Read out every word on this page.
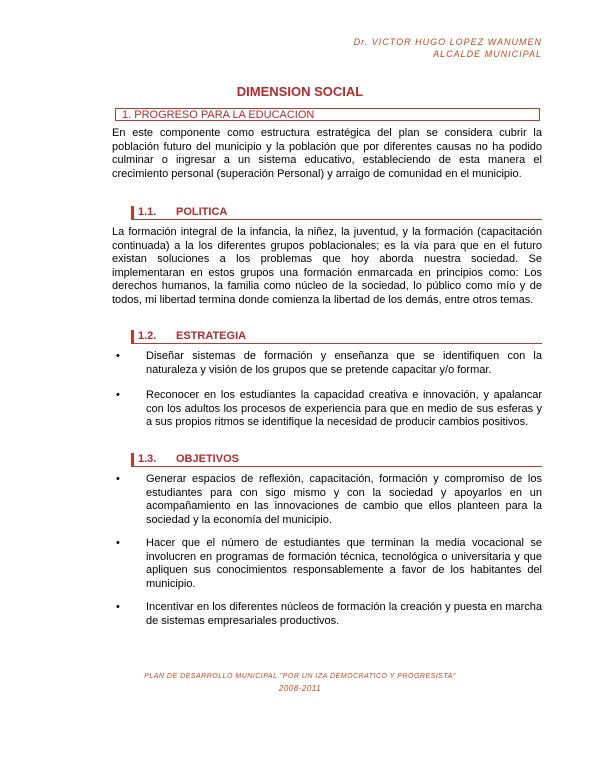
Dr. VICTOR HUGO LOPEZ WANUMEN
ALCALDE MUNICIPAL
DIMENSION SOCIAL
1. PROGRESO PARA LA EDUCACION
En este componente como estructura estratégica del plan se considera cubrir la población futuro del municipio y la población que por diferentes causas no ha podido culminar o ingresar a un sistema educativo, estableciendo de esta manera el crecimiento personal (superación Personal) y arraigo de comunidad en el municipio.
1.1. POLITICA
La formación integral de la infancia, la niñez, la juventud, y la formación (capacitación continuada) a la los diferentes grupos poblacionales; es la vía para que en el futuro existan soluciones a los problemas que hoy aborda nuestra sociedad. Se implementaran en estos grupos una formación enmarcada en principios como: Los derechos humanos, la familia como núcleo de la sociedad, lo público como mío y de todos, mi libertad termina donde comienza la libertad de los demás, entre otros temas.
1.2. ESTRATEGIA
• Diseñar sistemas de formación y enseñanza que se identifiquen con la naturaleza y visión de los grupos que se pretende capacitar y/o formar.
• Reconocer en los estudiantes la capacidad creativa e innovación, y apalancar con los adultos los procesos de experiencia para que en medio de sus esferas y a sus propios ritmos se identifique la necesidad de producir cambios positivos.
1.3. OBJETIVOS
• Generar espacios de reflexión, capacitación, formación y compromiso de los estudiantes para con sigo mismo y con la sociedad y apoyarlos en un acompañamiento en las innovaciones de cambio que ellos planteen para la sociedad y la economía del municipio.
• Hacer que el número de estudiantes que terminan la media vocacional se involucren en programas de formación técnica, tecnológica o universitaria y que apliquen sus conocimientos responsablemente a favor de los habitantes del municipio.
• Incentivar en los diferentes núcleos de formación la creación y puesta en marcha de sistemas empresariales productivos.
PLAN DE DESARROLLO MUNICIPAL "POR UN IZA DEMOCRATICO Y PROGRESISTA"
2008-2011
